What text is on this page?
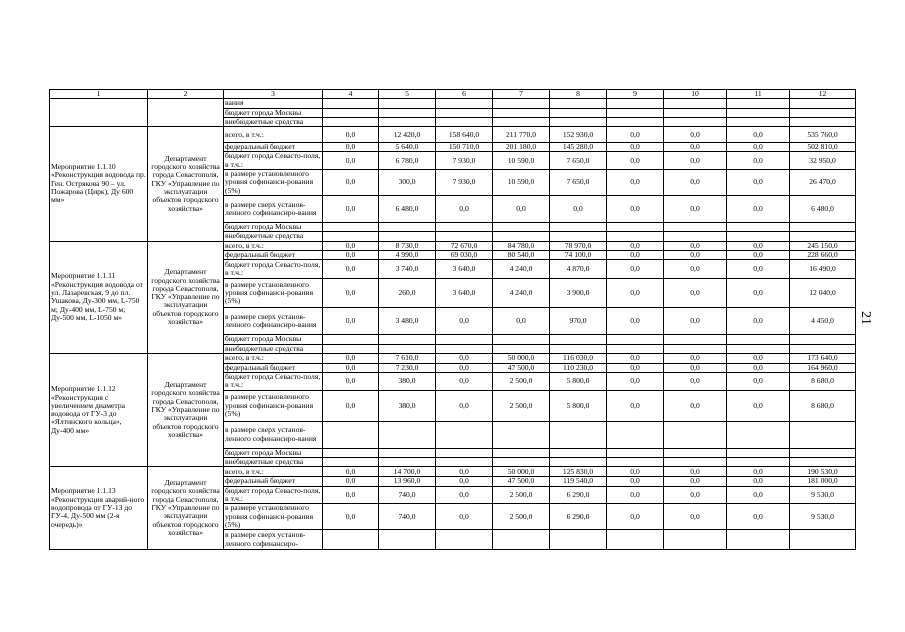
21
1	2	3	4	5	6	7	8	9	10	11	12
		вания									
		бюджет города Москвы									
		внебюджетные средства									
Мероприятие 1.1.10 «Реконструкция водовода пр. Ген. Острякова 90 – ул. Пожарова (Цирк), Ду 600 мм»	Департамент городского хозяйства города Севастополя, ГКУ «Управление по эксплуатации объектов городского хозяйства»	всего, в т.ч.:	0,0	12 420,0	158 640,0	211 770,0	152 930,0	0,0	0,0	0,0	535 760,0
		федеральный бюджет	0,0	5 640,0	150 710,0	201 180,0	145 280,0	0,0	0,0	0,0	502 810,0
		бюджет города Севасто-поля, в т.ч.:	0,0	6 780,0	7 930,0	10 590,0	7 650,0	0,0	0,0	0,0	32 950,0
		в размере установленного уровня софинанси-рования (5%)	0,0	300,0	7 930,0	10 590,0	7 650,0	0,0	0,0	0,0	26 470,0
		в размере сверх установ-ленного софинансиро-вания	0,0	6 480,0	0,0	0,0	0,0	0,0	0,0	0,0	6 480,0
		бюджет города Москвы									
		внебюджетные средства									
Мероприятие 1.1.11 «Реконструкция водовода от ул. Лазаревская, 9 до пл. Ушакова, Ду-300 мм, L-750 м; Ду-400 мм, L-750 м; Ду-500 мм, L-1050 м»	Департамент городского хозяйства города Севастополя, ГКУ «Управление по эксплуатации объектов городского хозяйства»	всего, в т.ч.:	0,0	8 730,0	72 670,0	84 780,0	78 970,0	0,0	0,0	0,0	245 150,0
		федеральный бюджет	0,0	4 990,0	69 030,0	80 540,0	74 100,0	0,0	0,0	0,0	228 660,0
		бюджет города Севасто-поля, в т.ч.:	0,0	3 740,0	3 640,0	4 240,0	4 870,0	0,0	0,0	0,0	16 490,0
		в размере установленного уровня софинанси-рования (5%)	0,0	260,0	3 640,0	4 240,0	3 900,0	0,0	0,0	0,0	12 040,0
		в размере сверх установ-ленного софинансиро-вания	0,0	3 480,0	0,0	0,0	970,0	0,0	0,0	0,0	4 450,0
		бюджет города Москвы									
		внебюджетные средства									
Мероприятие 1.1.12 «Реконструкция с увеличением диаметра водовода от ГУ-3 до «Ялтинского кольца», Ду-400 мм»	Департамент городского хозяйства города Севастополя, ГКУ «Управление по эксплуатации объектов городского хозяйства»	всего, в т.ч.:	0,0	7 610,0	0,0	50 000,0	116 030,0	0,0	0,0	0,0	173 640,0
		федеральный бюджет	0,0	7 230,0	0,0	47 500,0	110 230,0	0,0	0,0	0,0	164 960,0
		бюджет города Севасто-поля, в т.ч.:	0,0	380,0	0,0	2 500,0	5 800,0	0,0	0,0	0,0	8 680,0
		в размере установленного уровня софинанси-рования (5%)	0,0	380,0	0,0	2 500,0	5 800,0	0,0	0,0	0,0	8 680,0
		в размере сверх установ-ленного софинансиро-вания									
		бюджет города Москвы									
		внебюджетные средства									
Мероприятие 1.1.13 «Реконструкция аварий-ного водопровода от ГУ-13 до ГУ-4, Ду-500 мм (2-я очередь)»	Департамент городского хозяйства города Севастополя, ГКУ «Управление по эксплуатации объектов городского хозяйства»	всего, в т.ч.:	0,0	14 700,0	0,0	50 000,0	125 830,0	0,0	0,0	0,0	190 530,0
		федеральный бюджет	0,0	13 960,0	0,0	47 500,0	119 540,0	0,0	0,0	0,0	181 000,0
		бюджет города Севасто-поля, в т.ч.:	0,0	740,0	0,0	2 500,0	6 290,0	0,0	0,0	0,0	9 530,0
		в размере установленного уровня софинанси-рования (5%)	0,0	740,0	0,0	2 500,0	6 290,0	0,0	0,0	0,0	9 530,0
		в размере сверх установ-ленного софинансиро-									
